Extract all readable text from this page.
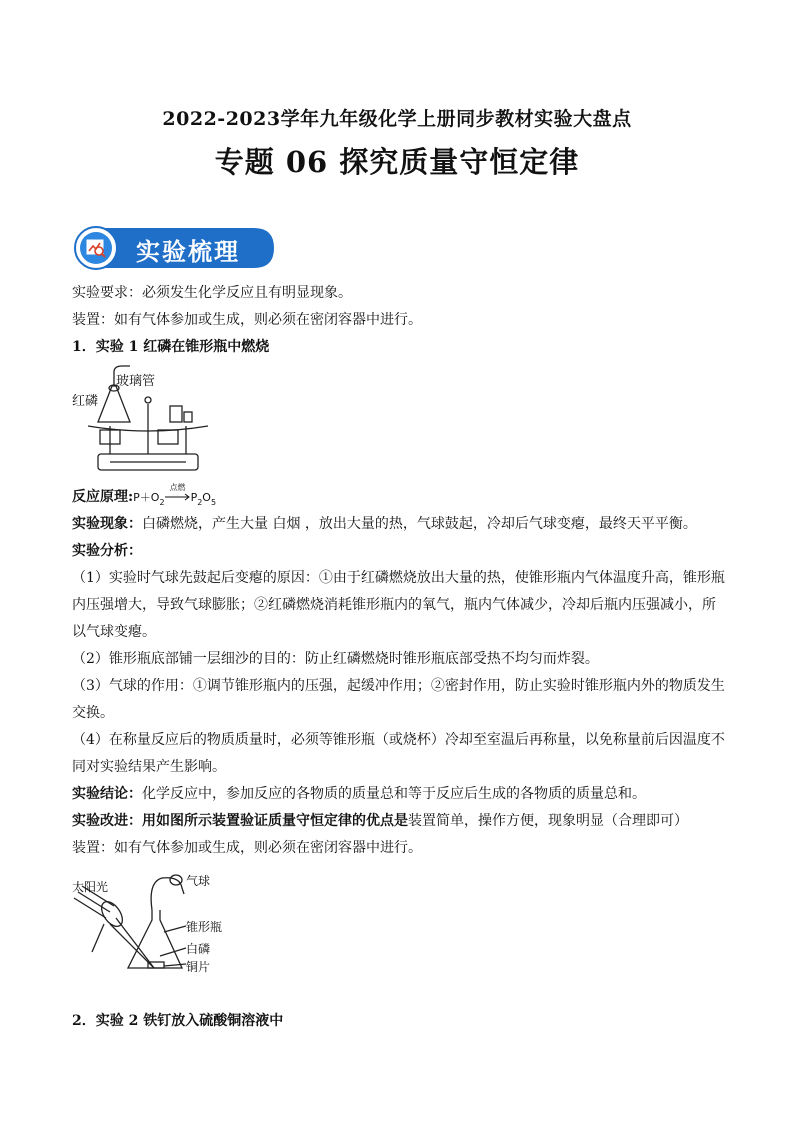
2022-2023学年九年级化学上册同步教材实验大盘点
专题 06 探究质量守恒定律
实验梳理
实验要求：必须发生化学反应且有明显现象。
装置：如有气体参加或生成，则必须在密闭容器中进行。
1．实验 1 红磷在锥形瓶中燃烧
玻璃管
红磷
反应原理$:P+O_2$
点燃
$P_2O_5$
实验现象：白磷燃烧，产生大量 白烟 ，放出大量的热，气球鼓起，冷却后气球变瘪，最终天平平衡。
实验分析：
（1）实验时气球先鼓起后变瘪的原因：①由于红磷燃烧放出大量的热，使锥形瓶内气体温度升高，锥形瓶
内压强增大，导致气球膨胀；②红磷燃烧消耗锥形瓶内的氧气，瓶内气体减少，冷却后瓶内压强减小，所
以气球变瘪。
（2）锥形瓶底部铺一层细沙的目的：防止红磷燃烧时锥形瓶底部受热不均匀而炸裂。
（3）气球的作用：①调节锥形瓶内的压强，起缓冲作用；②密封作用，防止实验时锥形瓶内外的物质发生
交换。
（4）在称量反应后的物质质量时，必须等锥形瓶（或烧杯）冷却至室温后再称量，以免称量前后因温度不
同对实验结果产生影响。
实验结论：化学反应中，参加反应的各物质的质量总和等于反应后生成的各物质的质量总和。
实验改进：用如图所示装置验证质量守恒定律的优点是装置简单，操作方便，现象明显（合理即可）
装置：如有气体参加或生成，则必须在密闭容器中进行。
太阳光	气球
锥形瓶
白磷
铜片
2．实验 2 铁钉放入硫酸铜溶液中
